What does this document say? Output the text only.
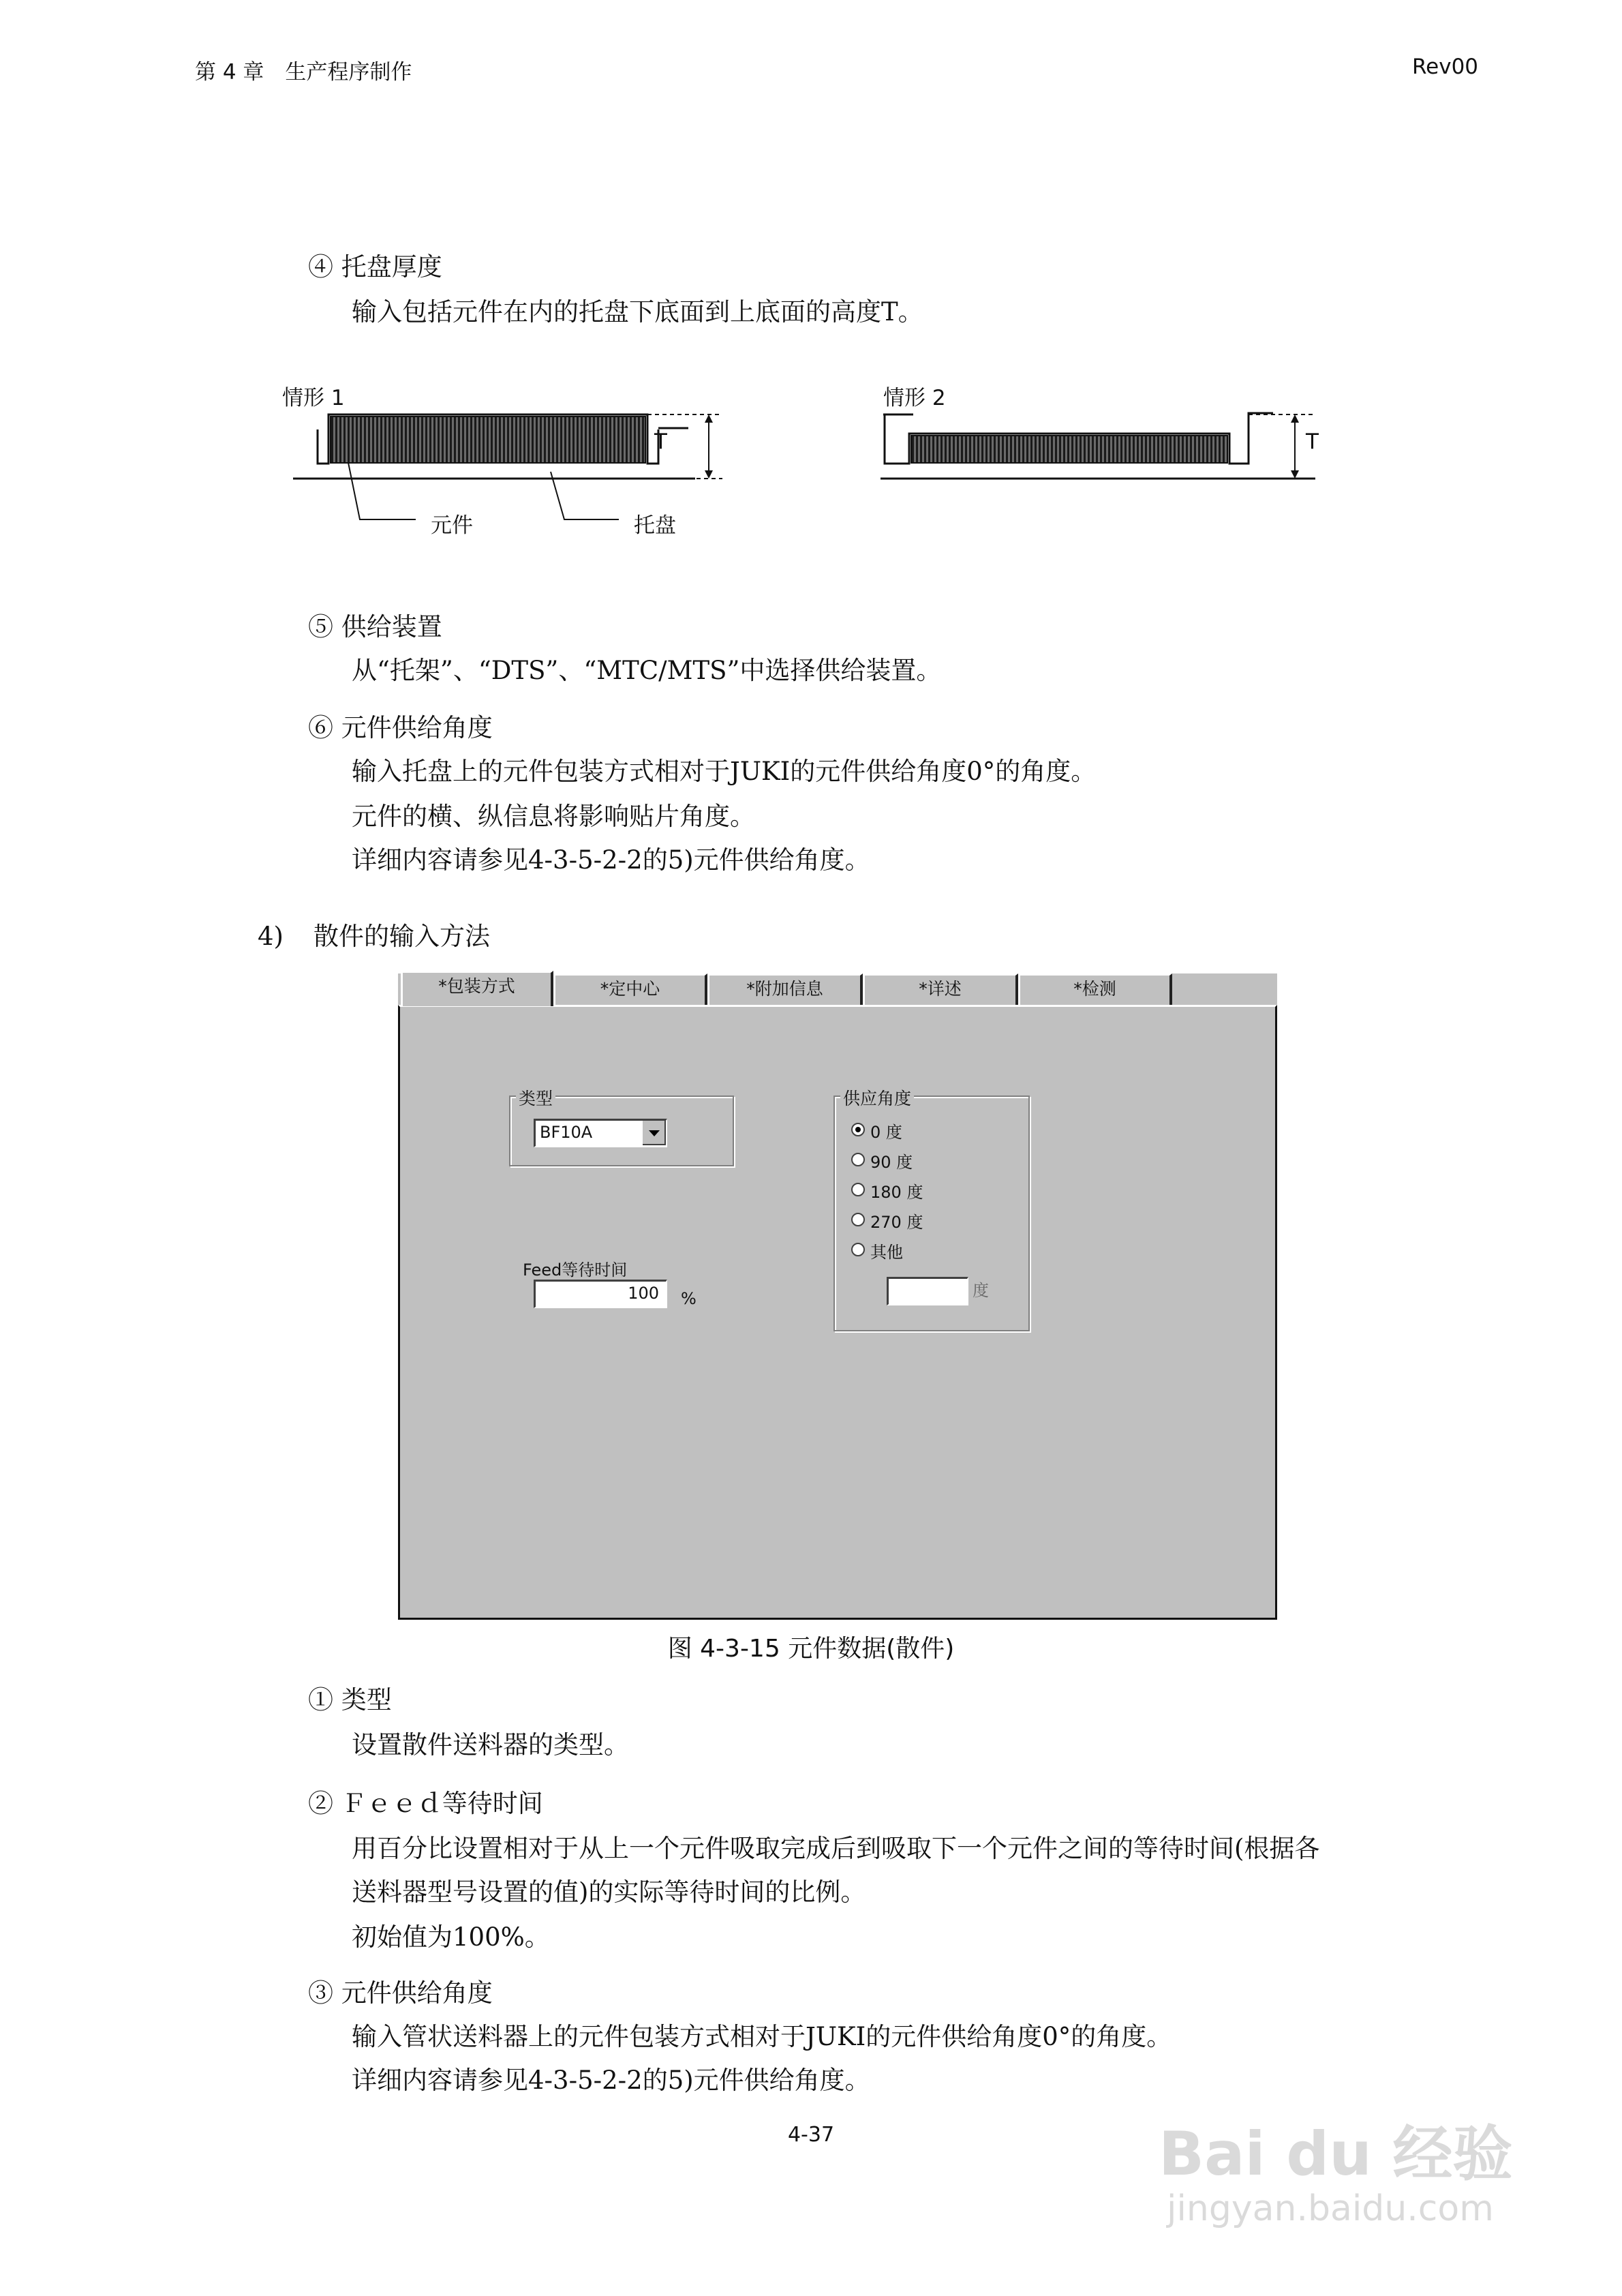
第 4 章　生产程序制作	Rev00
④ 托盘厚度
输入包括元件在内的托盘下底面到上底面的高度T。
情形 1
T
元件	托盘
情形 2
T
⑤ 供给装置
从“托架”、“DTS”、“MTC/MTS”中选择供给装置。
⑥ 元件供给角度
输入托盘上的元件包装方式相对于JUKI的元件供给角度0°的角度。
元件的横、纵信息将影响贴片角度。
详细内容请参见4-3-5-2-2的5)元件供给角度。
4) 散件的输入方法
*包装方式	*定中心	*附加信息	*详述	*检测
类型
BF10A
Feed等待时间
100	%
供应角度
0 度
90 度
180 度
270 度
其他
度
图 4-3-15 元件数据(散件)
① 类型
设置散件送料器的类型。
② Ｆｅｅｄ等待时间
用百分比设置相对于从上一个元件吸取完成后到吸取下一个元件之间的等待时间(根据各
送料器型号设置的值)的实际等待时间的比例。
初始值为100%。
③ 元件供给角度
输入管状送料器上的元件包装方式相对于JUKI的元件供给角度0°的角度。
详细内容请参见4-3-5-2-2的5)元件供给角度。
4-37	Bai du 经验
jingyan.baidu.com
